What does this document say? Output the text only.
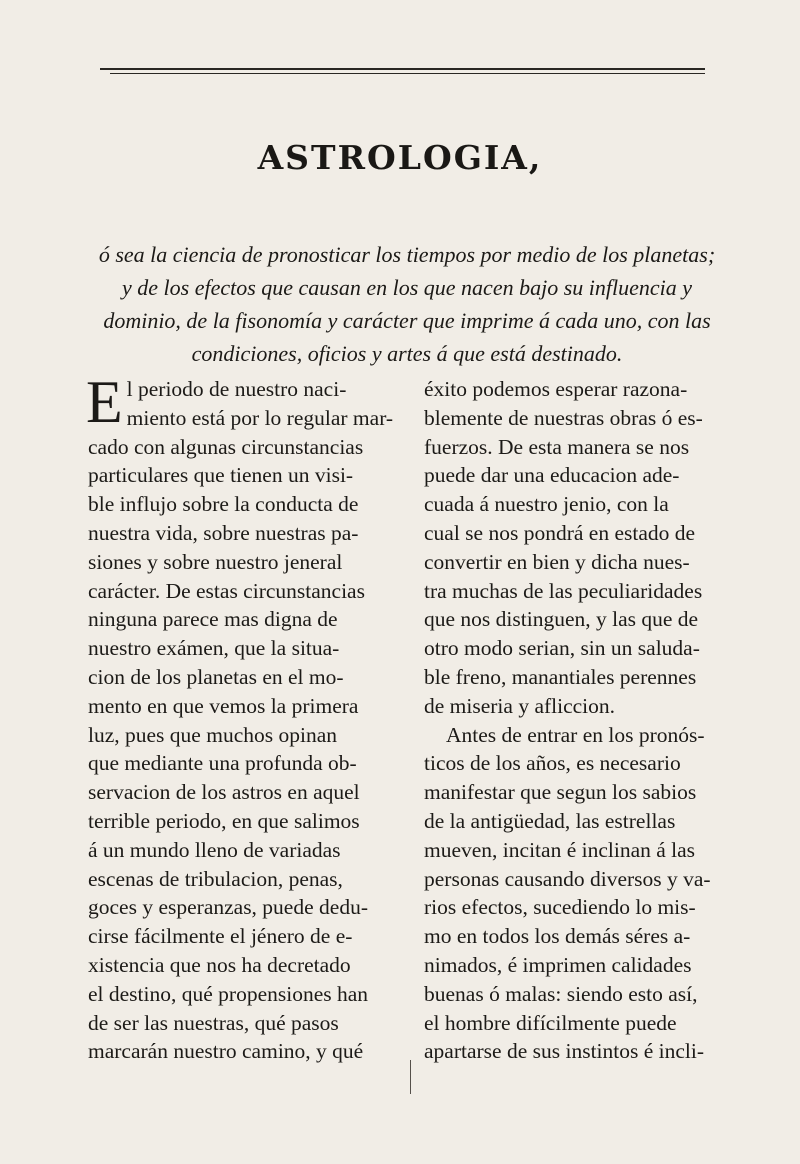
ASTROLOGIA,
ó sea la ciencia de pronosticar los tiempos por medio de los planetas; y de los efectos que causan en los que nacen bajo su influencia y dominio, de la fisonomía y carácter que imprime á cada uno, con las condiciones, oficios y artes á que está destinado.
E l periodo de nuestro naci-
miento está por lo regular mar-
cado con algunas circunstancias
particulares que tienen un visi-
ble influjo sobre la conducta de
nuestra vida, sobre nuestras pa-
siones y sobre nuestro jeneral
carácter. De estas circunstancias
ninguna parece mas digna de
nuestro exámen, que la situa-
cion de los planetas en el mo-
mento en que vemos la primera
luz, pues que muchos opinan
que mediante una profunda ob-
servacion de los astros en aquel
terrible periodo, en que salimos
á un mundo lleno de variadas
escenas de tribulacion, penas,
goces y esperanzas, puede dedu-
cirse fácilmente el jénero de e-
xistencia que nos ha decretado
el destino, qué propensiones han
de ser las nuestras, qué pasos
marcarán nuestro camino, y qué
éxito podemos esperar razona-
blemente de nuestras obras ó es-
fuerzos. De esta manera se nos
puede dar una educacion ade-
cuada á nuestro jenio, con la
cual se nos pondrá en estado de
convertir en bien y dicha nues-
tra muchas de las peculiaridades
que nos distinguen, y las que de
otro modo serian, sin un saluda-
ble freno, manantiales perennes
de miseria y afliccion.
Antes de entrar en los pronós-
ticos de los años, es necesario
manifestar que segun los sabios
de la antigüedad, las estrellas
mueven, incitan é inclinan á las
personas causando diversos y va-
rios efectos, sucediendo lo mis-
mo en todos los demás séres a-
nimados, é imprimen calidades
buenas ó malas: siendo esto así,
el hombre difícilmente puede
apartarse de sus instintos é incli-
